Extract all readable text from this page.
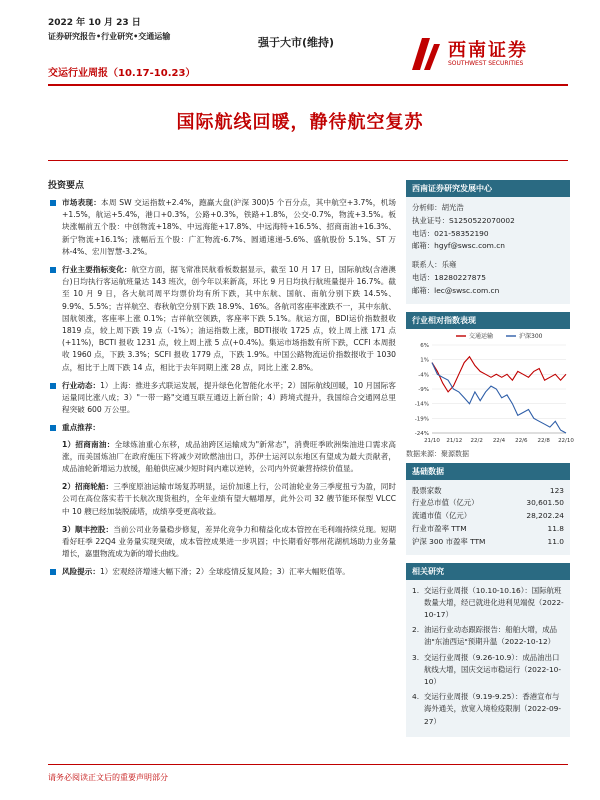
2022 年 10 月 23 日
证券研究报告•行业研究•交通运输	强于大市(维持)
交运行业周报（10.17-10.23）
西南证券
SOUTHWEST SECURITIES
国际航线回暖，静待航空复苏
投资要点
市场表现：本周 SW 交运指数+2.4%，跑赢大盘(沪深 300)5 个百分点，其中航空+3.7%，机场+1.5%，航运+5.4%，港口+0.3%，公路+0.3%，铁路+1.8%，公交-0.7%，物流+3.5%。板块涨幅前五个股：中创物流+18%、中远海能+17.8%、中远海特+16.5%、招商南油+16.3%、新宁物流+16.1%；涨幅后五个股：广汇物流-6.7%、圆通速递-5.6%、盛航股份 5.1%、ST 万林-4%、宏川智慧-3.2%。
行业主要指标变化：航空方面，据飞常准民航看板数据显示，截至 10 月 17 日，国际航线(含港澳台)日均执行客运航班量达 143 班次，创今年以来新高，环比 9 月日均执行航班量提升 16.7%。截至 10 月 9 日，各大航司周平均票价均有所下跌，其中东航、国航、南航分别下跌 14.5%、9.9%、5.5%；吉祥航空、春秋航空分别下跌 18.9%、16%。各航司客座率涨跌不一，其中东航、国航领涨，客座率上涨 0.1%；吉祥航空领跌，客座率下跌 5.1%。航运方面，BDI运价指数报收 1819 点，较上周下跌 19 点（-1%）；油运指数上涨，BDTI报收 1725 点，较上周上涨 171 点(+11%)，BCTI 报收 1231 点，较上周上涨 5 点(+0.4%)。集运市场指数有所下跌，CCFI 本周报收 1960 点，下跌 3.3%；SCFI 报收 1779 点，下跌 1.9%。中国公路物流运价指数报收于 1030 点，相比于上周下跌 14 点，相比于去年同期上涨 28 点，同比上涨 2.8%。
行业动态：1）上海：推进多式联运发展，提升绿色化智能化水平；2）国际航线回暖，10 月国际客运量同比涨八成；3）"一带一路"交通互联互通迈上新台阶；4）跨境式提升，我国综合交通网总里程突破 600 万公里。
重点推荐：
1）招商南油：全球炼油重心东移，成品油跨区运输成为"新常态"，消费旺季欧洲柴油进口需求高涨，而美国炼油厂在政府施压下将减少对欧燃油出口，苏伊士运河以东地区有望成为最大贡献者，成品油轮新增运力放缓，船舶供应减少短时间内难以逆转，公司内外贸兼营持续价值显。
2）招商轮船：三季度原油运输市场复苏明显，运价加速上行，公司油轮业务三季度扭亏为盈，同时公司在高位落实若干长航次现货租约，全年业绩有望大幅增厚，此外公司 32 艘节能环保型 VLCC 中 10 艘已经加装脱硫塔，成绩享受更高收益。
3）顺丰控股：当前公司业务量稳步修复，差异化竞争力和精益化成本管控在毛利端持续兑现。短期看好旺季 22Q4 业务量实现突破，成本管控成果进一步巩固；中长期看好鄂州花湖机场助力业务量增长，嘉盟物流成为新的增长曲线。
风险提示：1）宏观经济增速大幅下滑；2）全球疫情反复风险；3）汇率大幅贬值等。
西南证券研究发展中心
分析师：胡光浩
执业证号：S1250522070002
电话：021-58352190
邮箱：hgyf@swsc.com.cn
联系人：乐雍
电话：18280227875
邮箱：lec@swsc.com.cn
行业相对指数表现
6%
1%
-4%
-9%
-14%
-19%
-24%
21/10 21/12 22/2 22/4 22/6 22/8 22/10
交通运输	沪深300
数据来源：聚源数据
基础数据
股票家数	123
行业总市值（亿元）	30,601.50
流通市值（亿元）	28,202.24
行业市盈率 TTM	11.8
沪深 300 市盈率 TTM	11.0
相关研究
1. 交运行业周报（10.10-10.16）：国际航班数量大增，经已就进化进利见端倪（2022-10-17）
2. 油运行业动态跟踪报告：船舶大增，成品油"东油西运"预期升温（2022-10-12）
3. 交运行业周报（9.26-10.9）：成品油出口航线大增，国庆交运市稳运行（2022-10-10）
4. 交运行业周报（9.19-9.25）：香港宣布与海外通关，放宽入境检疫限制（2022-09-27）
请务必阅读正文后的重要声明部分
